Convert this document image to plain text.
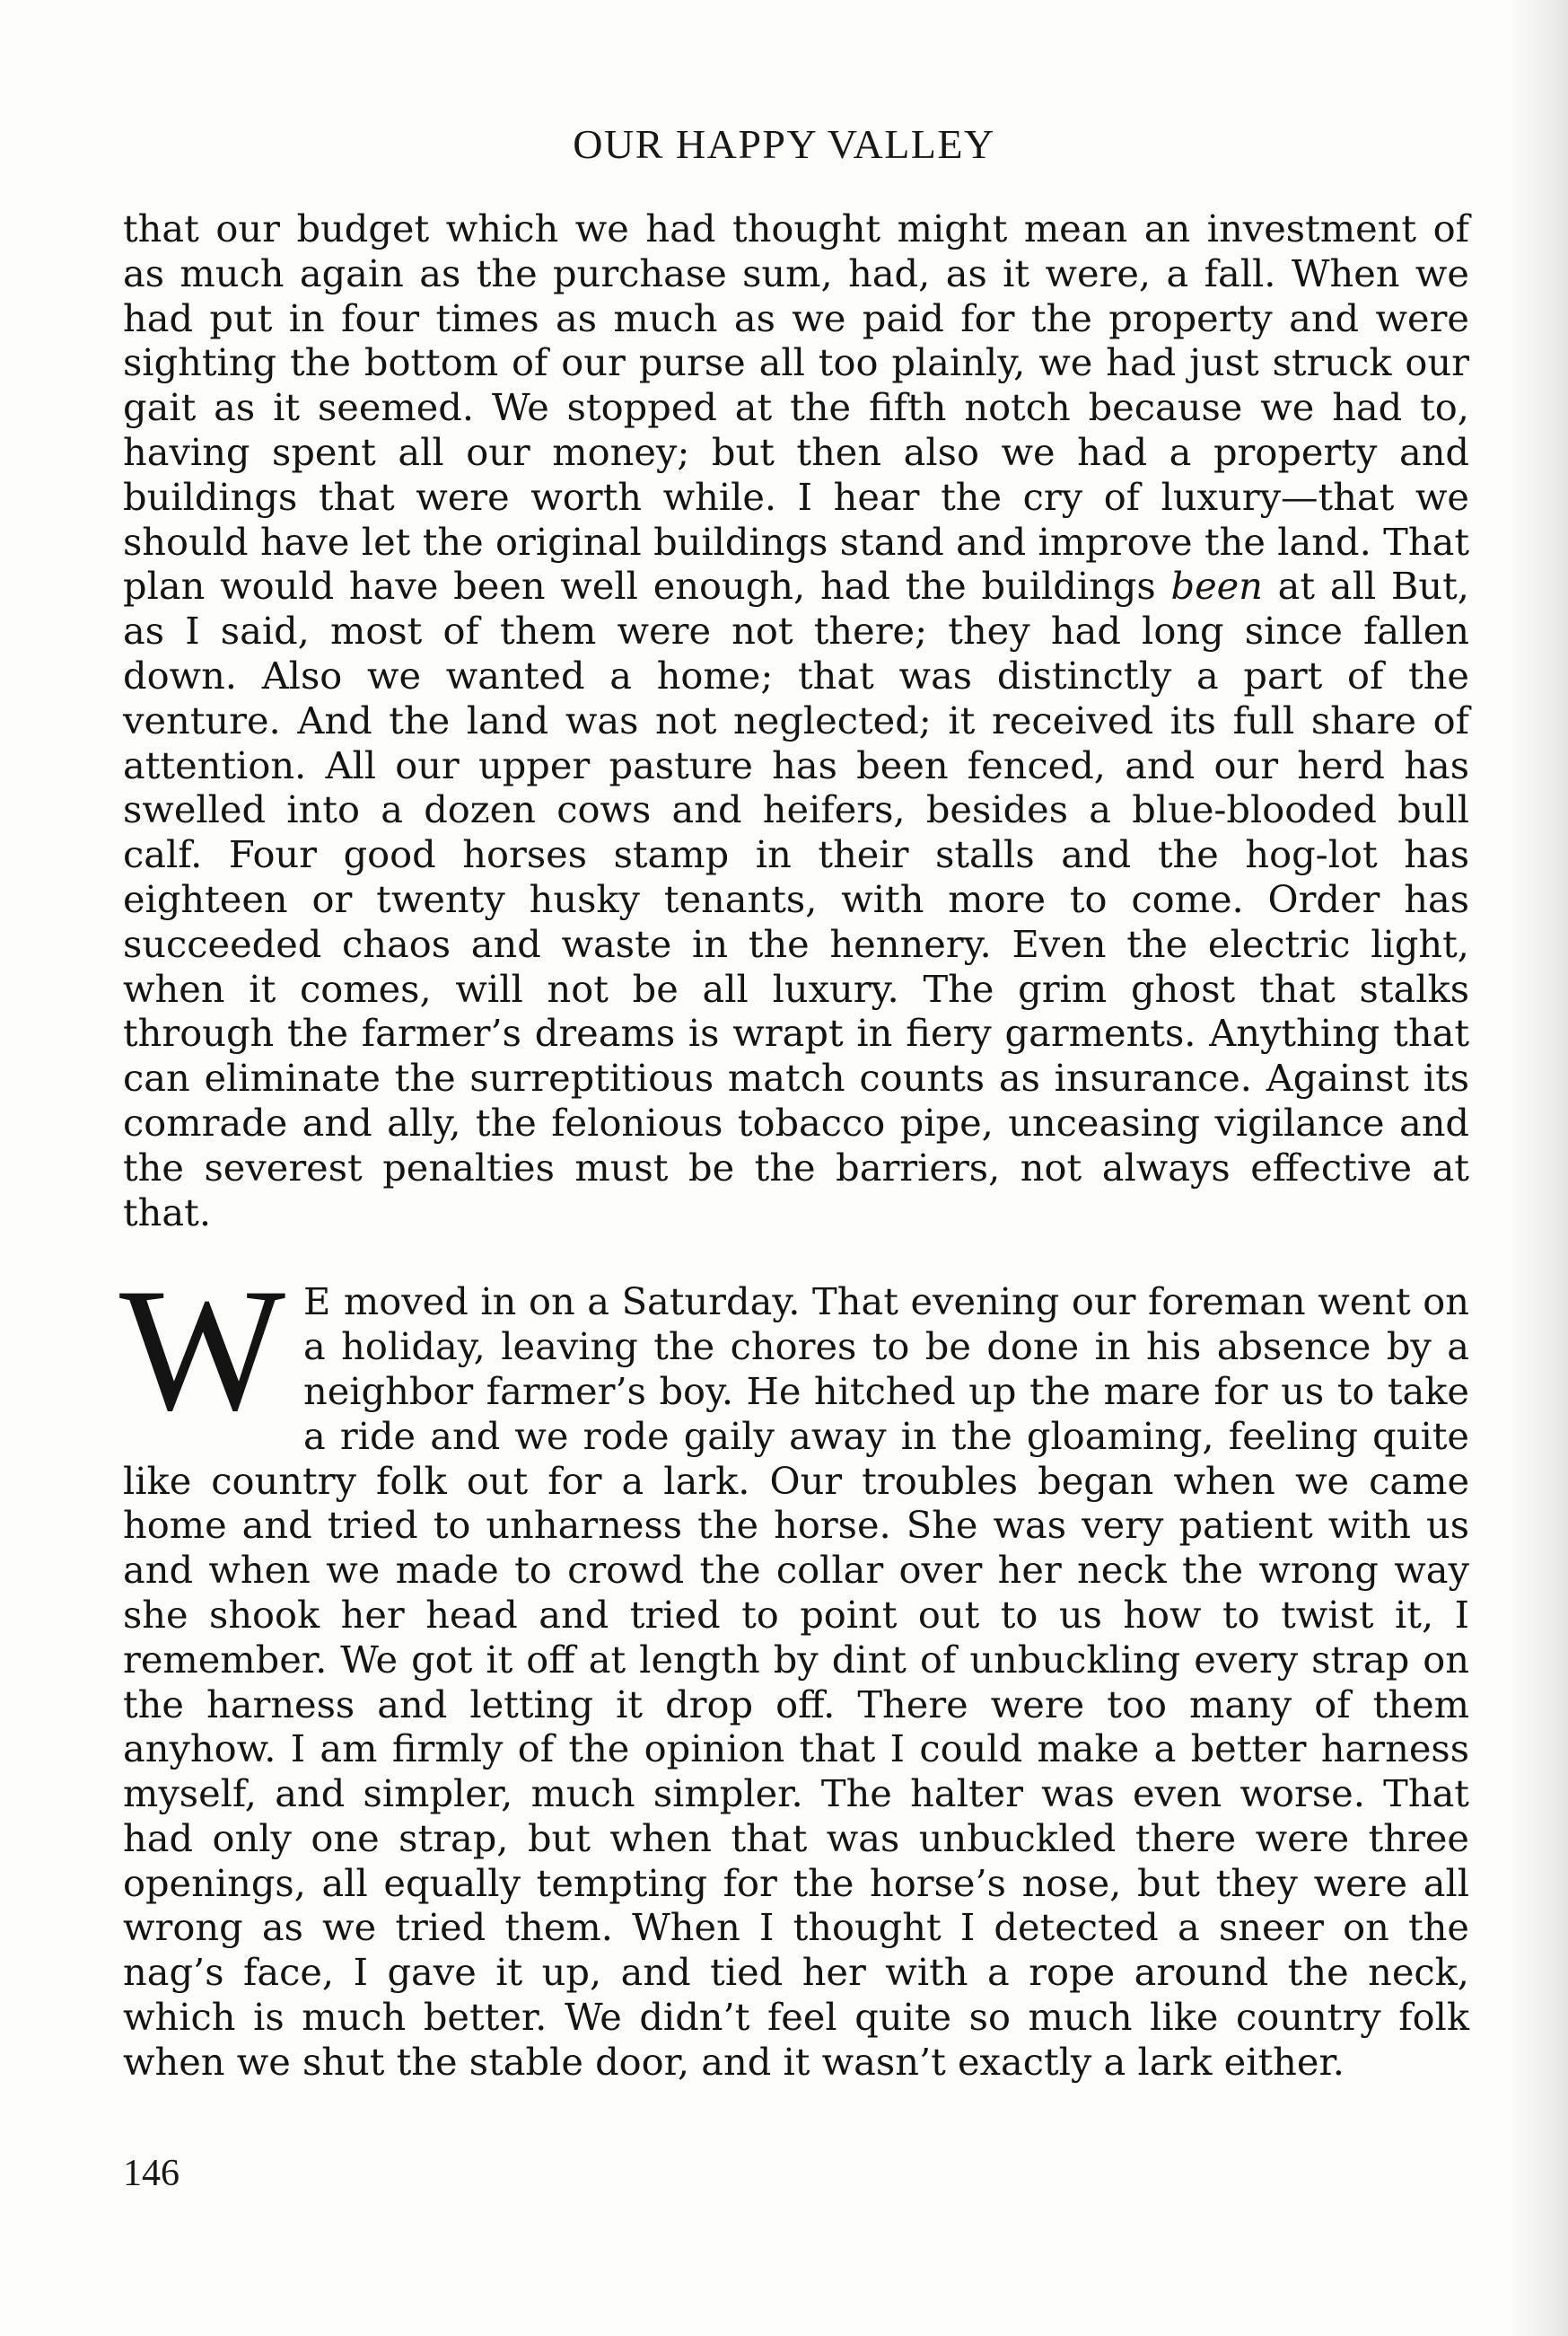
OUR HAPPY VALLEY

that our budget which we had thought might mean an investment of as much again as the purchase sum, had, as it were, a fall. When we had put in four times as much as we paid for the property and were sighting the bottom of our purse all too plainly, we had just struck our gait as it seemed. We stopped at the fifth notch because we had to, having spent all our money; but then also we had a property and buildings that were worth while. I hear the cry of luxury—that we should have let the original buildings stand and improve the land. That plan would have been well enough, had the buildings been at all But, as I said, most of them were not there; they had long since fallen down. Also we wanted a home; that was distinctly a part of the venture. And the land was not neglected; it received its full share of attention. All our upper pasture has been fenced, and our herd has swelled into a dozen cows and heifers, besides a blue-blooded bull calf. Four good horses stamp in their stalls and the hog-lot has eighteen or twenty husky tenants, with more to come. Order has succeeded chaos and waste in the hennery. Even the electric light, when it comes, will not be all luxury. The grim ghost that stalks through the farmer’s dreams is wrapt in fiery garments. Anything that can eliminate the surreptitious match counts as insurance. Against its comrade and ally, the felonious tobacco pipe, unceasing vigilance and the severest penalties must be the barriers, not always effective at that.

W E moved in on a Saturday. That evening our foreman went on a holiday, leaving the chores to be done in his absence by a neighbor farmer’s boy. He hitched up the mare for us to take a ride and we rode gaily away in the gloaming, feeling quite like country folk out for a lark. Our troubles began when we came home and tried to unharness the horse. She was very patient with us and when we made to crowd the collar over her neck the wrong way she shook her head and tried to point out to us how to twist it, I remember. We got it off at length by dint of unbuckling every strap on the harness and letting it drop off. There were too many of them anyhow. I am firmly of the opinion that I could make a better harness myself, and simpler, much simpler. The halter was even worse. That had only one strap, but when that was unbuckled there were three openings, all equally tempting for the horse’s nose, but they were all wrong as we tried them. When I thought I detected a sneer on the nag’s face, I gave it up, and tied her with a rope around the neck, which is much better. We didn’t feel quite so much like country folk when we shut the stable door, and it wasn’t exactly a lark either.

146
